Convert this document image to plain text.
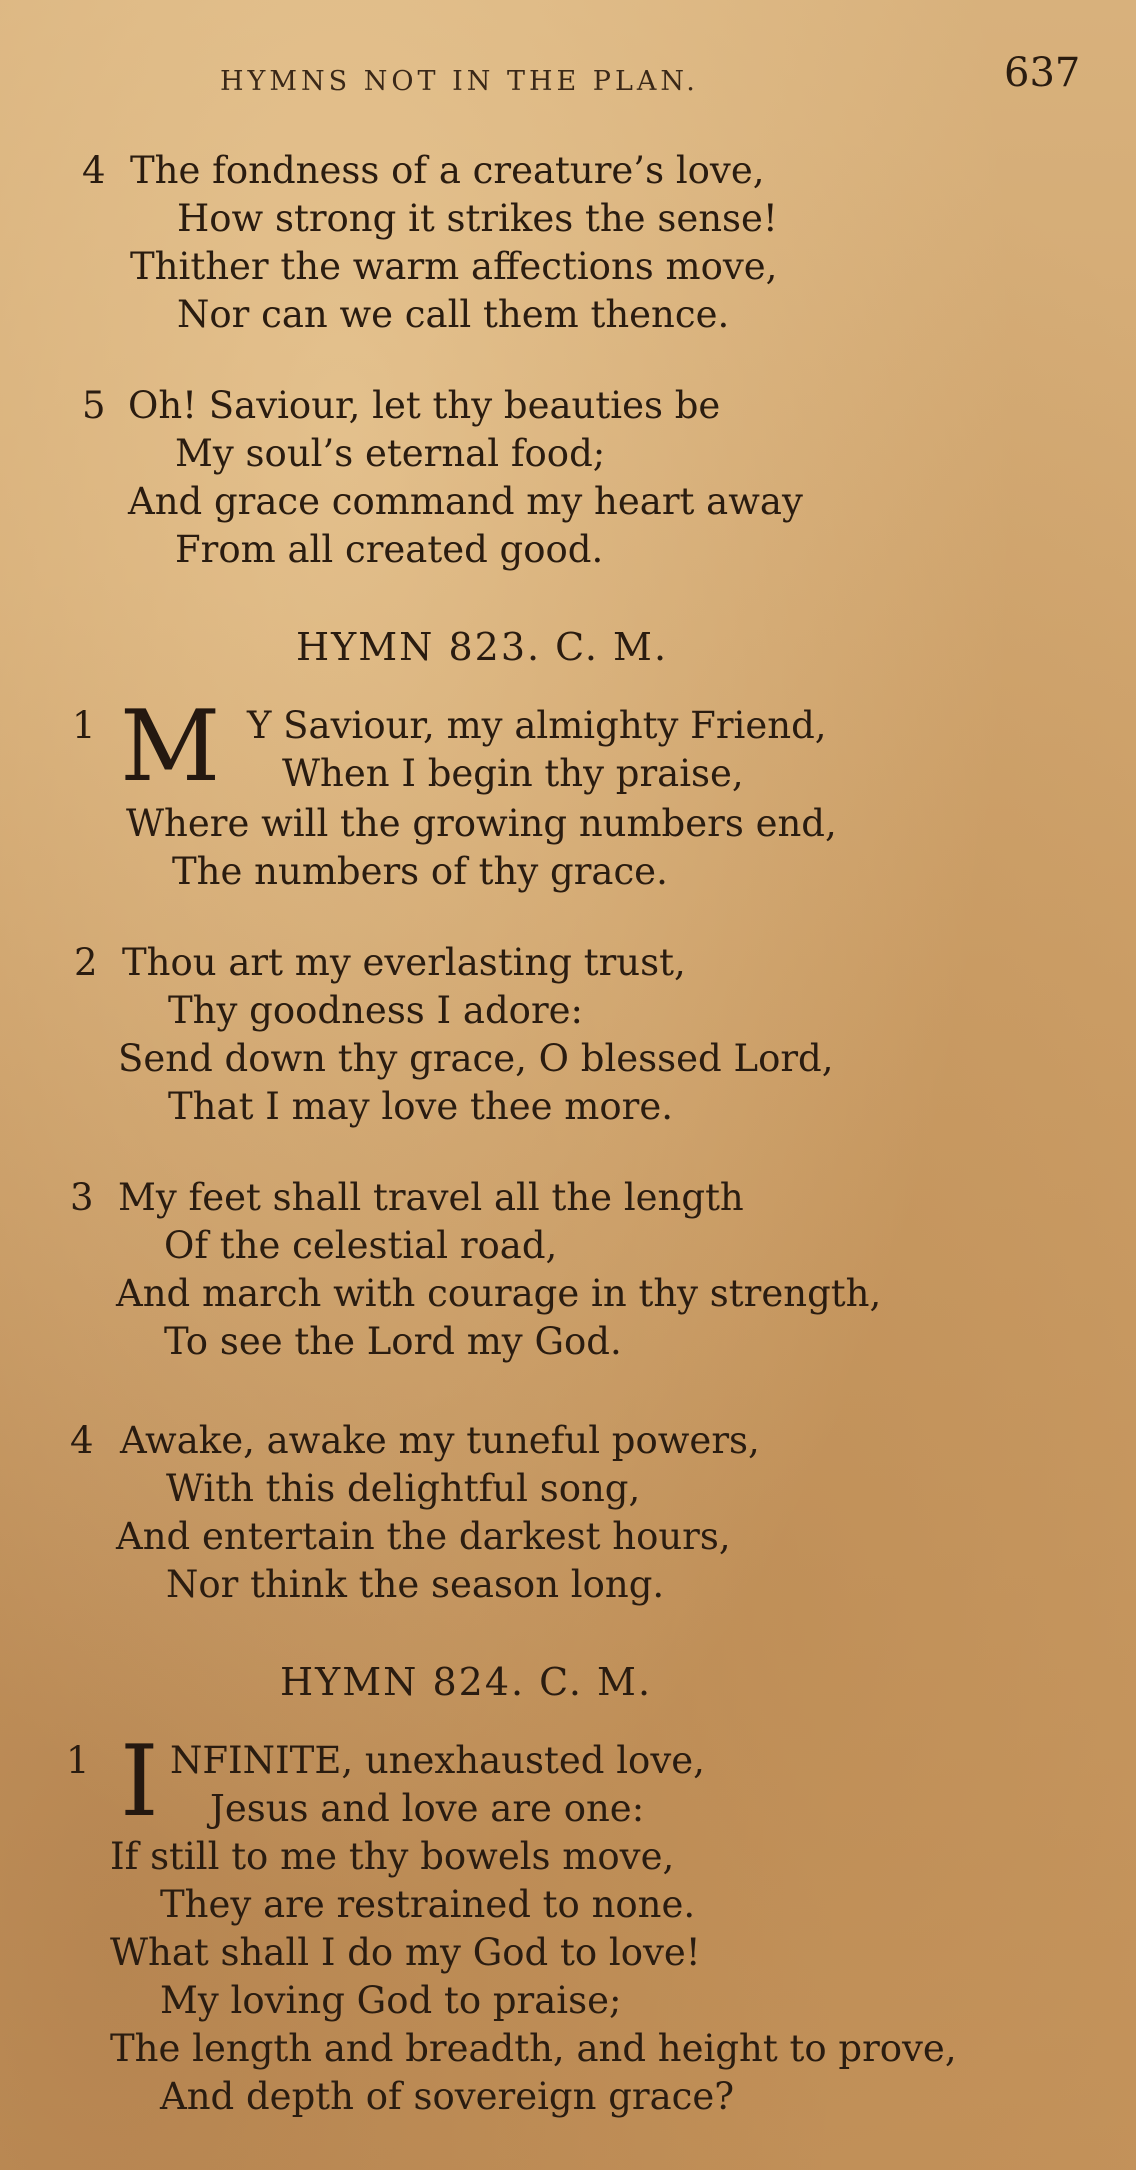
HYMNS NOT IN THE PLAN.	637
4 The fondness of a creature’s love,
How strong it strikes the sense!
Thither the warm affections move,
Nor can we call them thence.
5 Oh! Saviour, let thy beauties be
My soul’s eternal food;
And grace command my heart away
From all created good.
HYMN 823. C. M.
1 M Y Saviour, my almighty Friend,
When I begin thy praise,
Where will the growing numbers end,
The numbers of thy grace.
2 Thou art my everlasting trust,
Thy goodness I adore:
Send down thy grace, O blessed Lord,
That I may love thee more.
3 My feet shall travel all the length
Of the celestial road,
And march with courage in thy strength,
To see the Lord my God.
4 Awake, awake my tuneful powers,
With this delightful song,
And entertain the darkest hours,
Nor think the season long.
HYMN 824. C. M.
1 I NFINITE, unexhausted love,
Jesus and love are one:
If still to me thy bowels move,
They are restrained to none.
What shall I do my God to love!
My loving God to praise;
The length and breadth, and height to prove,
And depth of sovereign grace?
